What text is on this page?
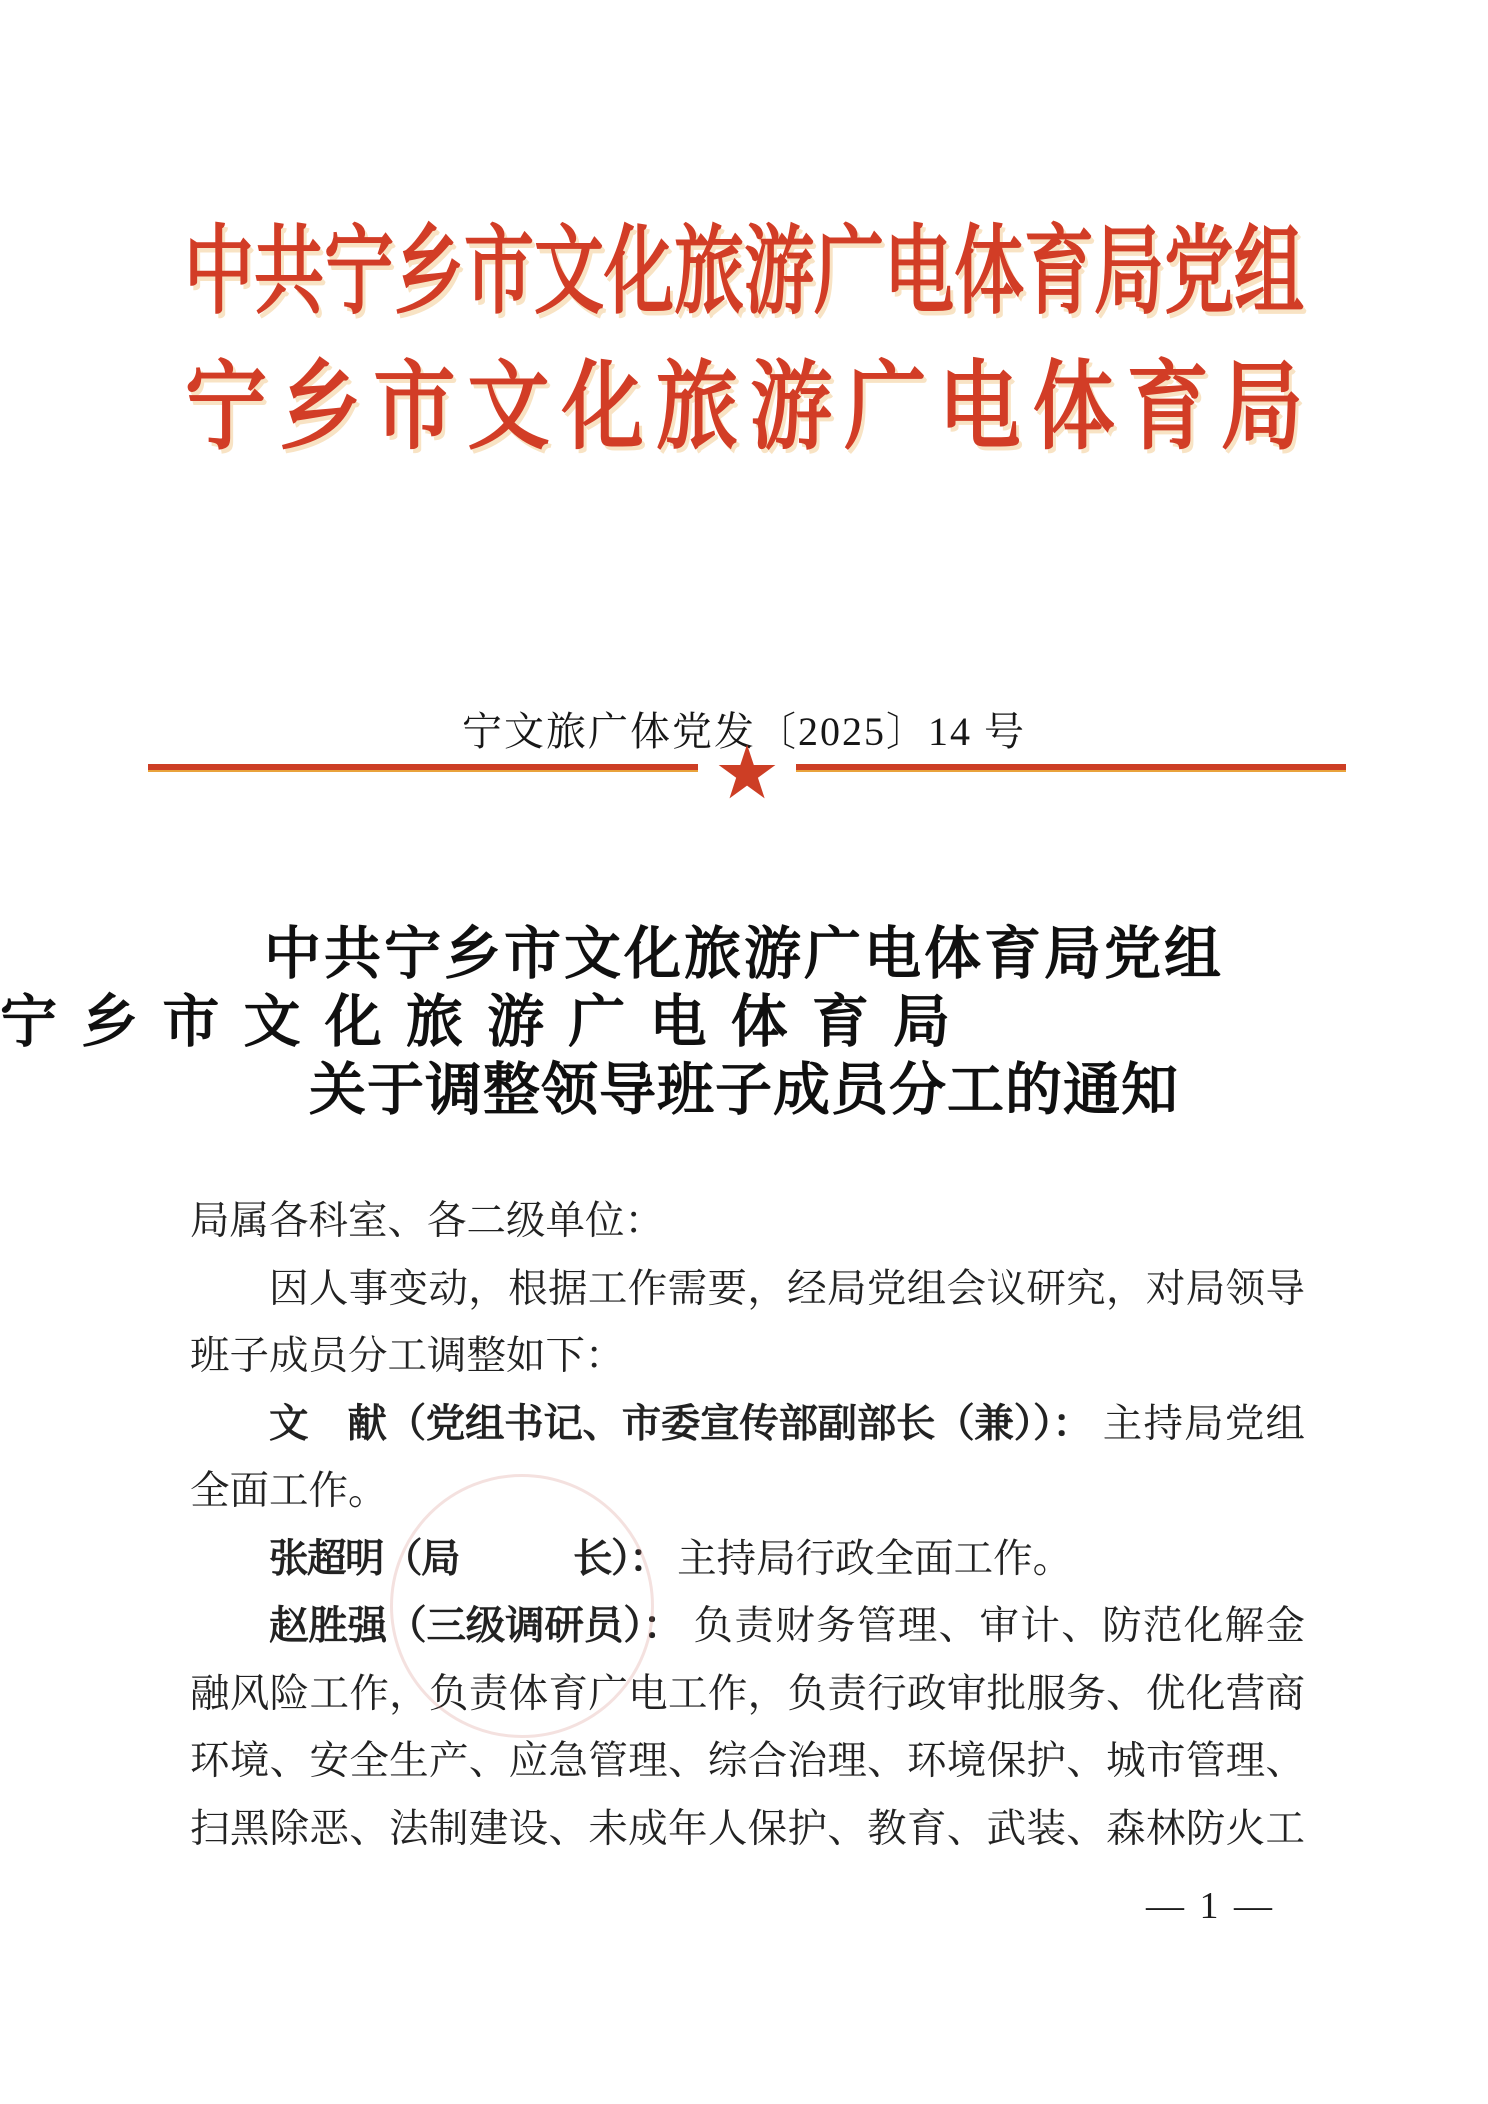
中共宁乡市文化旅游广电体育局党组
宁乡市文化旅游广电体育局
宁文旅广体党发〔2025〕14 号
★
中共宁乡市文化旅游广电体育局党组
宁乡市文化旅游广电体育局
关于调整领导班子成员分工的通知

局属各科室、各二级单位：

因人事变动，根据工作需要，经局党组会议研究，对局领导班子成员分工调整如下：

文　献（党组书记、市委宣传部副部长（兼））： 主持局党组全面工作。

张超明（局　　　长）： 主持局行政全面工作。

赵胜强（三级调研员）： 负责财务管理、审计、防范化解金融风险工作，负责体育广电工作，负责行政审批服务、优化营商环境、安全生产、应急管理、综合治理、环境保护、城市管理、扫黑除恶、法制建设、未成年人保护、教育、武装、森林防火工

— 1 —
